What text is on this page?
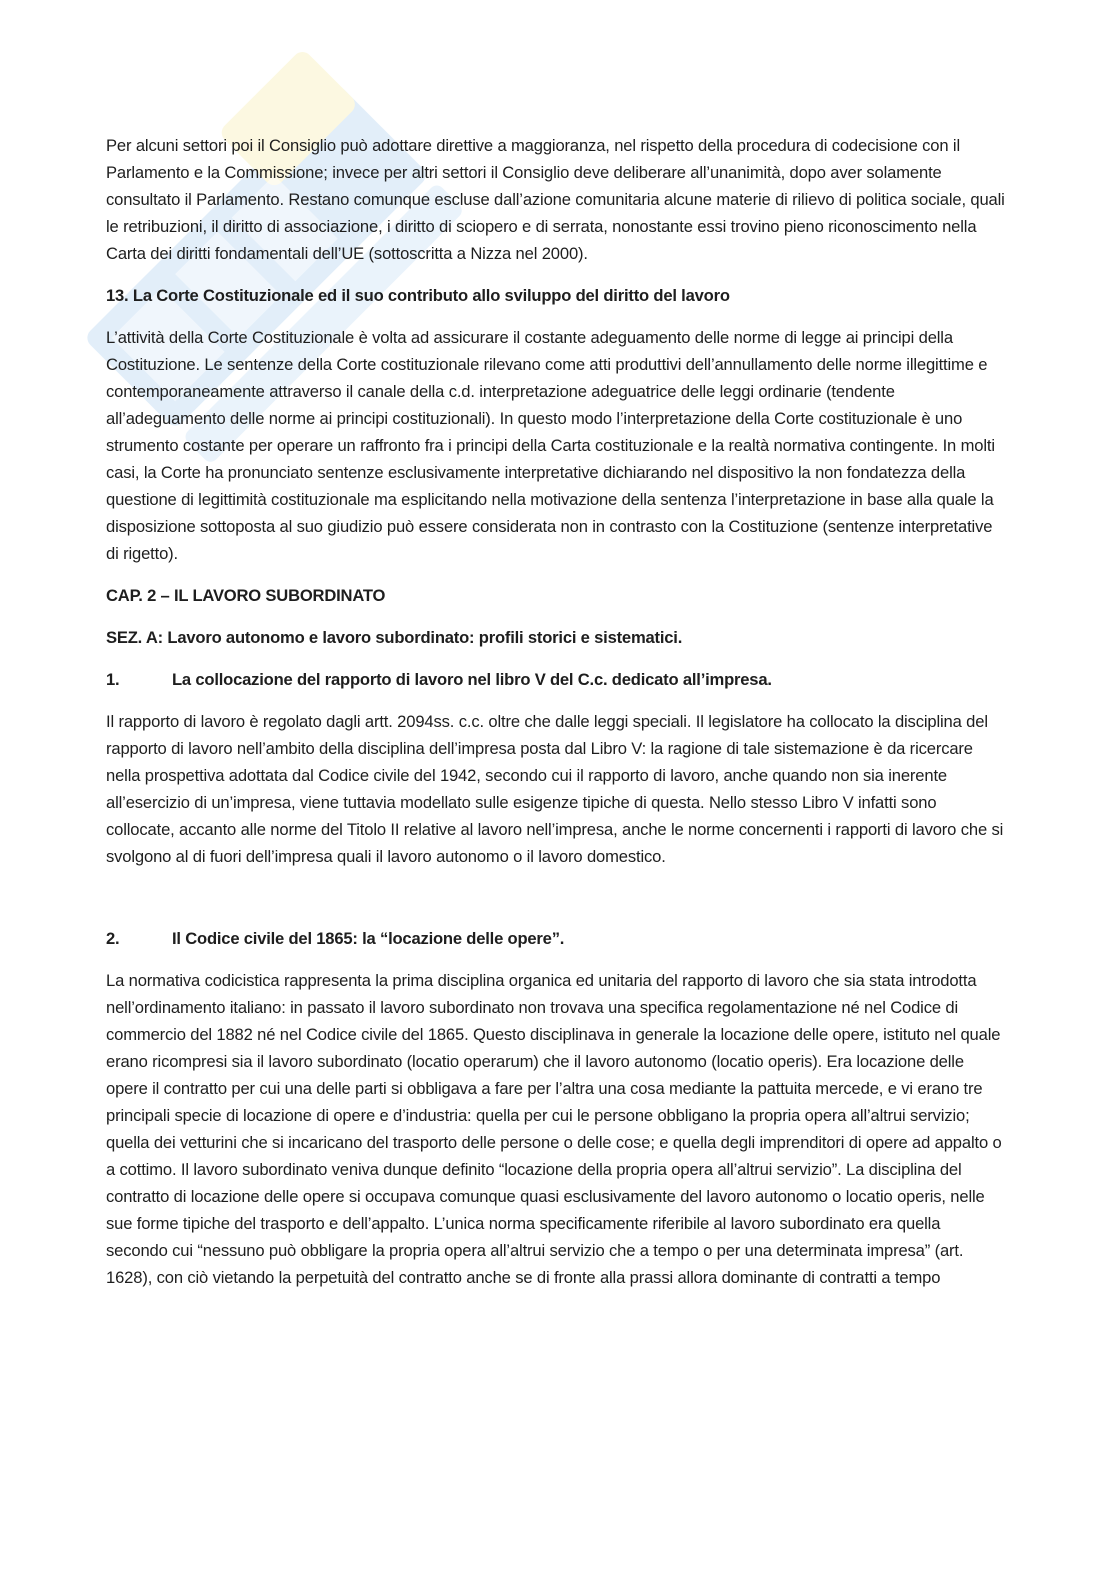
Per alcuni settori poi il Consiglio può adottare direttive a maggioranza, nel rispetto della procedura di codecisione con il Parlamento e la Commissione; invece per altri settori il Consiglio deve deliberare all’unanimità, dopo aver solamente consultato il Parlamento. Restano comunque escluse dall’azione comunitaria alcune materie di rilievo di politica sociale, quali le retribuzioni, il diritto di associazione, i diritto di sciopero e di serrata, nonostante essi trovino pieno riconoscimento nella Carta dei diritti fondamentali dell’UE (sottoscritta a Nizza nel 2000).

13. La Corte Costituzionale ed il suo contributo allo sviluppo del diritto del lavoro

L’attività della Corte Costituzionale è volta ad assicurare il costante adeguamento delle norme di legge ai principi della Costituzione. Le sentenze della Corte costituzionale rilevano come atti produttivi dell’annullamento delle norme illegittime e contemporaneamente attraverso il canale della c.d. interpretazione adeguatrice delle leggi ordinarie (tendente all’adeguamento delle norme ai principi costituzionali). In questo modo l’interpretazione della Corte costituzionale è uno strumento costante per operare un raffronto fra i principi della Carta costituzionale e la realtà normativa contingente. In molti casi, la Corte ha pronunciato sentenze esclusivamente interpretative dichiarando nel dispositivo la non fondatezza della questione di legittimità costituzionale ma esplicitando nella motivazione della sentenza l’interpretazione in base alla quale la disposizione sottoposta al suo giudizio può essere considerata non in contrasto con la Costituzione (sentenze interpretative di rigetto).

CAP. 2 – IL LAVORO SUBORDINATO

SEZ. A: Lavoro autonomo e lavoro subordinato: profili storici e sistematici.

1.	La collocazione del rapporto di lavoro nel libro V del C.c. dedicato all’impresa.

Il rapporto di lavoro è regolato dagli artt. 2094ss. c.c. oltre che dalle leggi speciali. Il legislatore ha collocato la disciplina del rapporto di lavoro nell’ambito della disciplina dell’impresa posta dal Libro V: la ragione di tale sistemazione è da ricercare nella prospettiva adottata dal Codice civile del 1942, secondo cui il rapporto di lavoro, anche quando non sia inerente all’esercizio di un’impresa, viene tuttavia modellato sulle esigenze tipiche di questa. Nello stesso Libro V infatti sono collocate, accanto alle norme del Titolo II relative al lavoro nell’impresa, anche le norme concernenti i rapporti di lavoro che si svolgono al di fuori dell’impresa quali il lavoro autonomo o il lavoro domestico.

2.	Il Codice civile del 1865: la “locazione delle opere”.

La normativa codicistica rappresenta la prima disciplina organica ed unitaria del rapporto di lavoro che sia stata introdotta nell’ordinamento italiano: in passato il lavoro subordinato non trovava una specifica regolamentazione né nel Codice di commercio del 1882 né nel Codice civile del 1865. Questo disciplinava in generale la locazione delle opere, istituto nel quale erano ricompresi sia il lavoro subordinato (locatio operarum) che il lavoro autonomo (locatio operis). Era locazione delle opere il contratto per cui una delle parti si obbligava a fare per l’altra una cosa mediante la pattuita mercede, e vi erano tre principali specie di locazione di opere e d’industria: quella per cui le persone obbligano la propria opera all’altrui servizio; quella dei vetturini che si incaricano del trasporto delle persone o delle cose; e quella degli imprenditori di opere ad appalto o a cottimo. Il lavoro subordinato veniva dunque definito “locazione della propria opera all’altrui servizio”. La disciplina del contratto di locazione delle opere si occupava comunque quasi esclusivamente del lavoro autonomo o locatio operis, nelle sue forme tipiche del trasporto e dell’appalto. L’unica norma specificamente riferibile al lavoro subordinato era quella secondo cui “nessuno può obbligare la propria opera all’altrui servizio che a tempo o per una determinata impresa” (art. 1628), con ciò vietando la perpetuità del contratto anche se di fronte alla prassi allora dominante di contratti a tempo
